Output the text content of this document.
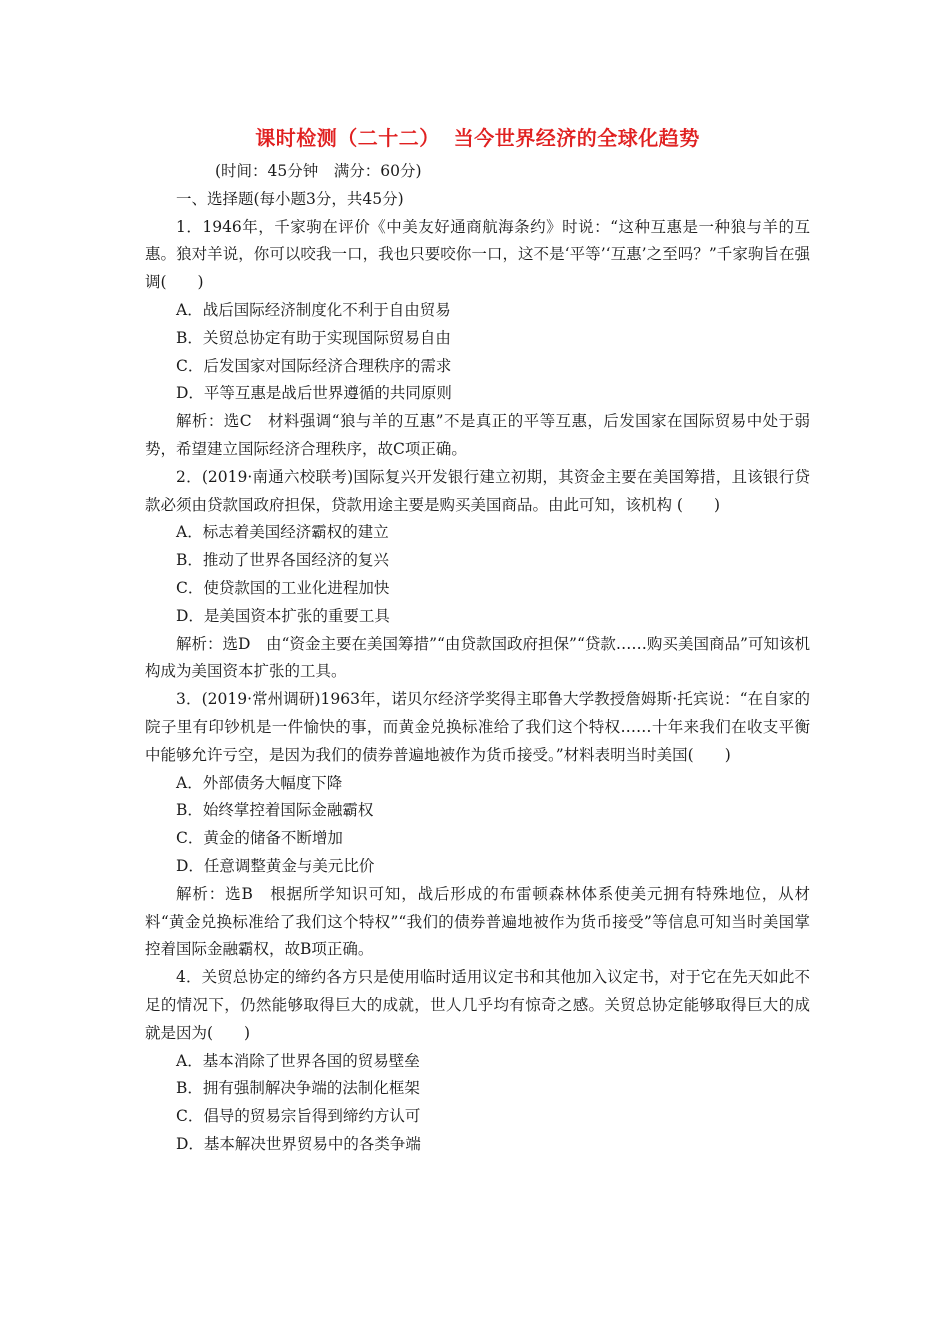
课时检测（二十二） 当今世界经济的全球化趋势

(时间：45分钟　满分：60分)

一、选择题(每小题3分，共45分)

1．1946年，千家驹在评价《中美友好通商航海条约》时说：“这种互惠是一种狼与羊的互惠。狼对羊说，你可以咬我一口，我也只要咬你一口，这不是‘平等’‘互惠’之至吗？”千家驹旨在强调(　　)

A．战后国际经济制度化不利于自由贸易

B．关贸总协定有助于实现国际贸易自由

C．后发国家对国际经济合理秩序的需求

D．平等互惠是战后世界遵循的共同原则

解析：选C　材料强调“狼与羊的互惠”不是真正的平等互惠，后发国家在国际贸易中处于弱势，希望建立国际经济合理秩序，故C项正确。

2．(2019·南通六校联考)国际复兴开发银行建立初期，其资金主要在美国筹措，且该银行贷款必须由贷款国政府担保，贷款用途主要是购买美国商品。由此可知，该机构 (　　)

A．标志着美国经济霸权的建立

B．推动了世界各国经济的复兴

C．使贷款国的工业化进程加快

D．是美国资本扩张的重要工具

解析：选D　由“资金主要在美国筹措”“由贷款国政府担保”“贷款……购买美国商品”可知该机构成为美国资本扩张的工具。

3．(2019·常州调研)1963年，诺贝尔经济学奖得主耶鲁大学教授詹姆斯·托宾说：“在自家的院子里有印钞机是一件愉快的事，而黄金兑换标准给了我们这个特权……十年来我们在收支平衡中能够允许亏空，是因为我们的债券普遍地被作为货币接受。”材料表明当时美国(　　)

A．外部债务大幅度下降

B．始终掌控着国际金融霸权

C．黄金的储备不断增加

D．任意调整黄金与美元比价

解析：选B　根据所学知识可知，战后形成的布雷顿森林体系使美元拥有特殊地位，从材料“黄金兑换标准给了我们这个特权”“我们的债券普遍地被作为货币接受”等信息可知当时美国掌控着国际金融霸权，故B项正确。

4．关贸总协定的缔约各方只是使用临时适用议定书和其他加入议定书，对于它在先天如此不足的情况下，仍然能够取得巨大的成就，世人几乎均有惊奇之感。关贸总协定能够取得巨大的成就是因为(　　)

A．基本消除了世界各国的贸易壁垒

B．拥有强制解决争端的法制化框架

C．倡导的贸易宗旨得到缔约方认可

D．基本解决世界贸易中的各类争端
